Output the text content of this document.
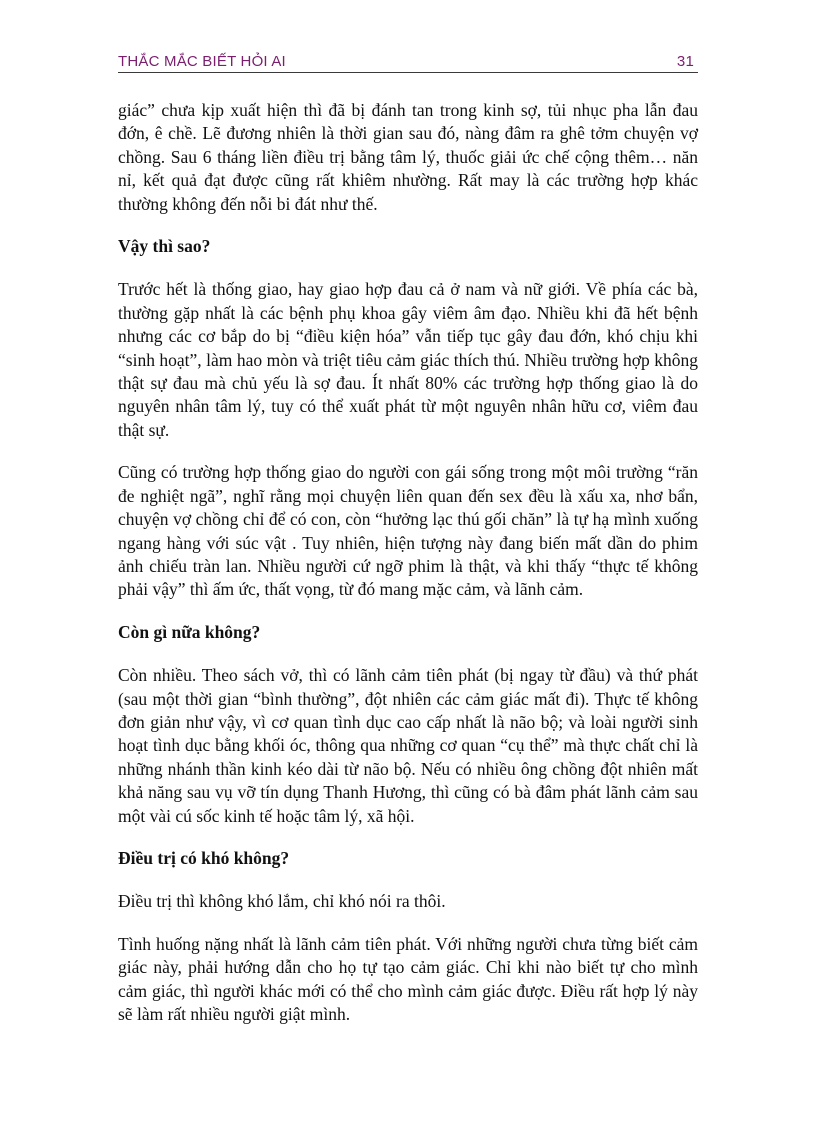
THẮC MẮC BIẾT HỎI AI	31

giác” chưa kịp xuất hiện thì đã bị đánh tan trong kinh sợ, tủi nhục pha lẫn đau đớn, ê chề. Lẽ đương nhiên là thời gian sau đó, nàng đâm ra ghê tởm chuyện vợ chồng. Sau 6 tháng liền điều trị bằng tâm lý, thuốc giải ức chế cộng thêm… năn nỉ, kết quả đạt được cũng rất khiêm nhường. Rất may là các trường hợp khác thường không đến nỗi bi đát như thế.

Vậy thì sao?

Trước hết là thống giao, hay giao hợp đau cả ở nam và nữ giới. Về phía các bà, thường gặp nhất là các bệnh phụ khoa gây viêm âm đạo. Nhiều khi đã hết bệnh nhưng các cơ bắp do bị “điều kiện hóa” vẫn tiếp tục gây đau đớn, khó chịu khi “sinh hoạt”, làm hao mòn và triệt tiêu cảm giác thích thú. Nhiều trường hợp không thật sự đau mà chủ yếu là sợ đau. Ít nhất 80% các trường hợp thống giao là do nguyên nhân tâm lý, tuy có thể xuất phát từ một nguyên nhân hữu cơ, viêm đau thật sự.

Cũng có trường hợp thống giao do người con gái sống trong một môi trường “răn đe nghiệt ngã”, nghĩ rằng mọi chuyện liên quan đến sex đều là xấu xa, nhơ bẩn, chuyện vợ chồng chỉ để có con, còn “hưởng lạc thú gối chăn” là tự hạ mình xuống ngang hàng với súc vật . Tuy nhiên, hiện tượng này đang biến mất dần do phim ảnh chiếu tràn lan. Nhiều người cứ ngỡ phim là thật, và khi thấy “thực tế không phải vậy” thì ấm ức, thất vọng, từ đó mang mặc cảm, và lãnh cảm.

Còn gì nữa không?

Còn nhiều. Theo sách vở, thì có lãnh cảm tiên phát (bị ngay từ đầu) và thứ phát (sau một thời gian “bình thường”, đột nhiên các cảm giác mất đi). Thực tế không đơn giản như vậy, vì cơ quan tình dục cao cấp nhất là não bộ; và loài người sinh hoạt tình dục bằng khối óc, thông qua những cơ quan “cụ thể” mà thực chất chỉ là những nhánh thần kinh kéo dài từ não bộ. Nếu có nhiều ông chồng đột nhiên mất khả năng sau vụ vỡ tín dụng Thanh Hương, thì cũng có bà đâm phát lãnh cảm sau một vài cú sốc kinh tế hoặc tâm lý, xã hội.

Điều trị có khó không?

Điều trị thì không khó lắm, chỉ khó nói ra thôi.

Tình huống nặng nhất là lãnh cảm tiên phát. Với những người chưa từng biết cảm giác này, phải hướng dẫn cho họ tự tạo cảm giác. Chỉ khi nào biết tự cho mình cảm giác, thì người khác mới có thể cho mình cảm giác được. Điều rất hợp lý này sẽ làm rất nhiều người giật mình.
